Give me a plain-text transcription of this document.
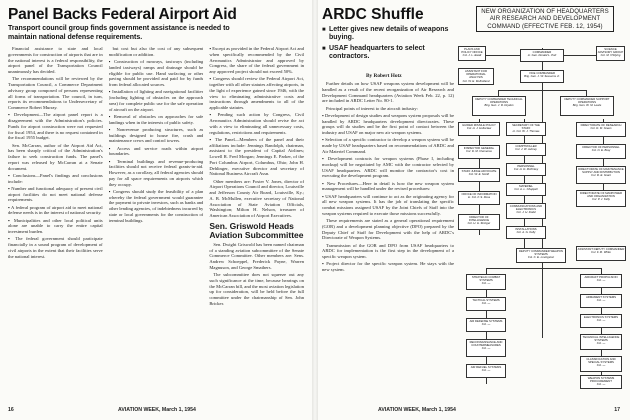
Panel Backs Federal Airport Aid
Transport council group finds government assistance is needed to maintain national defense requirements.

Financial assistance to state and local governments for construction of airports that are in the national interest is a federal responsibility, the airport panel of the Transportation Council unanimously has decided.

The recommendations will be reviewed by the Transportation Council, a Commerce Department advisory group composed of persons representing all forms of transportation. The council, in turn, reports its recommendations to Undersecretary of Commerce Robert Murray.

▪ Development—The airport panel report is a disagreement with the Administration's policies. Funds for airport construction were not requested for fiscal 1954, and there is no request contained in the fiscal 1955 budget.

Sen. McCarran, author of the Airport Aid Act, has been sharply critical of the Administration's failure to seek construction funds. The panel's report was released by McCarran at a Senate document.

▪ Conclusions—Panel's findings and conclusions include:

▪ Number and functional adequacy of present civil airport facilities do not meet national defense requirements.

▪ A federal program of airport aid to meet national defense needs is in the interest of national security.

▪ Municipalities and other local political units alone are unable to carry the entire capital investment burden.

▪ The federal government should participate financially in a sound program of development of civil airports in the extent that their facilities serve the national interest.

but cost but also the cost of any subsequent modification or addition.

▪ Construction of runways, taxiways (including landed taxiways) ramps and drainage should be eligible for public use. Hand surfacing or other paving should be provided and paid for by funds from federal allocated sources.

▪ Installation of lighting and navigational facilities (including lighting of obstacles on the approach area) for complete public use for the safe operation of aircraft on the airport.

▪ Removal of obstacles on approaches for safe landings when in the interests of public safety.

▪ Nonrevenue producing structures, such as buildings designed to house fire, crash and maintenance crews and control towers.

▪ Access and service roads within airport boundaries.

▪ Terminal buildings and revenue-producing facilities should not receive federal grants-in-aid. However, as a corollary, all federal agencies should pay for all space requirements on airports which they occupy.

▪ Congress should study the feasibility of a plan whereby the federal government would guarantee the payment to private investors, such as banks and other lending agencies, of indebtedness incurred by state or local governments for the construction of terminal buildings.

▪ Except as provided in the Federal Airport Act and when specifically recommended by the Civil Aeronautics Administrator and approved by Congress, the share of the federal government in any approved project should not exceed 50%.

▪ Congress should review the Federal Airport Act, together with all other statutes affecting airports, in the light of experience gained since 1946, with the view to eliminating administrative costs and instructions through amendments to all of the applicable statutes.

▪ Pending such action by Congress, Civil Aeronautics Administration should revise the act with a view to eliminating all unnecessary costs, regulations, restrictions and requirements.

▪ The Panel—Members of the panel and their affiliations include: Jennings Randolph, chairman, assistant to the president of Capital Airlines; Lowell R. Fred Morgan; Jennings E. Parker, of the Port Columbus Airport, Columbus, Ohio; John H. Dehlinger, executive director and secretary of National Business Aircraft Assn.

Other members are: Foster V. Jones, director of Airport Operations Council and director, Louisville and Jefferson County Air Board, Louisville, Ky.; A. B. McMullen, executive secretary of National Association of State Aviation Officials, Washington; Milton H. Nelson, treasurer of American Association of Airport Executives.

Sen. Griswold Heads Aviation Subcommittee

Sen. Dwight Griswold has been named chairman of a standing aviation subcommittee of the Senate Commerce Committee. Other members are: Sens. Andrew Schoeppel, Frederick Payne, Warren Magnuson, and George Smathers.

The subcommittee does not squeeze out any such significance at the time, because hearings on the McCarran bill, and the most aviation legislation up for consideration, will be held before the full committee under the chairmanship of Sen. John Bricker.

16	AVIATION WEEK, March 1, 1954
ARDC Shuffle
■ Letter gives new details of weapons buying.
■ USAF headquarters to select contractors.
By Robert Hotz

Further details on how USAF weapons system development will be handled as a result of the recent reorganization of Air Research and Development Command headquarters (Aviation Week Feb. 22, p. 12) are included in ARDC Letter No. 80-1.

Principal points of interest to the aircraft industry:

▪ Development of design studies and weapons system proposals will be handled by ARDC headquarters development directorates. These groups will do studies and be the first point of contact between the industry and USAF on major new air weapon systems.

▪ Selection of a specific contractor to develop a weapon system will be made by USAF headquarters based on recommendations of ARDC and Air Materiel Command.

▪ Development contracts for weapon systems (Phase I, including mockup) will be negotiated by AMC with the contractor selected by USAF headquarters. ARDC will monitor the contractor's cost in executing the development program.

▪ New Procedures—Here in detail is how the new weapon system management will be handled under the revised procedures:

▪ USAF headquarters will continue to act as the originating agency for all new weapon systems. It has the job of translating the specific combat missions assigned USAF by the Joint Chiefs of Staff into the weapon systems required to execute those missions successfully.

These requirements are stated as a general operational requirement (GOR) and a development planning objective (DPO) prepared by the Deputy Chief of Staff for Development with the help of ARDC's Directorate of Weapon Systems.

Transmission of the GOR and DPO from USAF headquarters to ARDC for implementation is the first step in the development of a specific weapon system.

▪ Project director for the specific weapon system. He stays with the new system.

NEW ORGANIZATION OF HEADQUARTERS AIR RESEARCH AND DEVELOPMENT COMMAND (EFFECTIVE FEB. 12, 1954)
PLANS AND POLICY OFFICE
Col. J. L. Ewalt
COMMANDER
Lt. Gen. Donald L. Putt
SCIENCE ADVISORY GROUP
Col. M. O'Flying
ASSISTANT FOR OPERATIONAL ANALYSIS
Col. W. E. Mulholland
VICE COMMANDER
Brig. Gen. J. W. Sessums Jr.
DEPUTY COMMANDER TECHNICAL OPERATIONS
Brig. Gen. J. R. Dryden
DEPUTY COMMANDER SUPPORT OPERATIONS
Brig. Gen. W. M. Lewis
GUIDED MISSILE POLICY
Col. H. J. Holtsclaw
INSPECTOR GENERAL
Col. D. M. Clemence
STAFF JUDGE ADVOCATE
Col. W. E. Smith
OFFICE OF INFORMATION
Lt. Col. F. S. Ross
DIRECTOR OF INTELLIGENCE
Col. H. H. Stringer
SECRETARY OF THE STAFF
Lt. Col. W. J. Thomas
COMPTROLLER
Col. J. W. Aubrey
PERSONNEL
Col. H. D. McKinley
MATERIEL
Col. A. L. Chappell
COMMUNICATIONS AND ELECTRONICS
Col. J. H. Dodd
INSTALLATIONS
Col. A. G. Kelly
DIRECTORATE OF RESEARCH
Col. D. M. Green
DIRECTOR OF PERSONNEL
Col. N. E. Bray
DIRECTORATE OF MAINTENANCE SUPPLY AND DISTRIBUTION
Col. R. E. Grant
DIRECTORATE OF MANPOWER AND ORGANIZATION
Col. P. J. Kelly
DEPUTY COMMANDER WEAPON SYSTEMS
Col. C. E. Lovingston
ASSISTANT DEPUTY COMMANDER
Col. F. M. White
STRATEGIC COMBAT SYSTEMS
Col. —
TACTICAL SYSTEMS
Col. —
AIR DEFENSE SYSTEMS
Col. —
RECONNAISSANCE AND COUNTERMEASURES
Col. —
AIR REFUEL SYSTEMS
Col. —
AIRCRAFT PROPULSION
Col. —
ARMAMENT SYSTEMS
Col. —
ELECTRONICS SYSTEMS
Col. —
TECHNICAL INTELLIGENCE SYSTEMS
Col. —
CLASSIFICATION AND SPECIAL SYSTEMS
Col. —
WEAPON SYSTEMS PROCUREMENT
Col. —
AVIATION WEEK, March 1, 1954	17
